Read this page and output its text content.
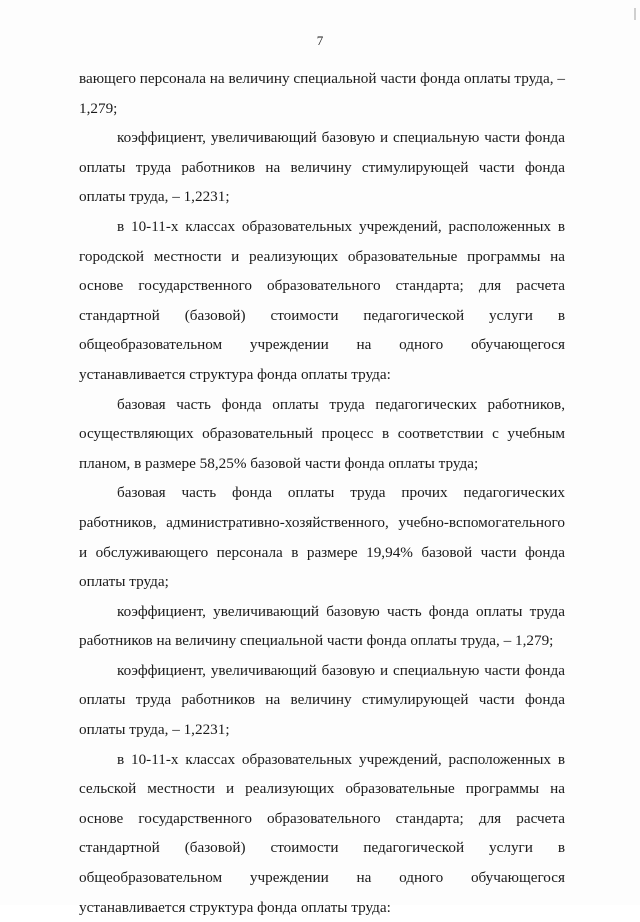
7

вающего персонала на величину специальной части фонда оплаты труда, – 1,279;

коэффициент, увеличивающий базовую и специальную части фонда оплаты труда работников на величину стимулирующей части фонда оплаты труда, – 1,2231;

в 10-11-х классах образовательных учреждений, расположенных в городской местности и реализующих образовательные программы на основе государственного образовательного стандарта; для расчета стандартной (базовой) стоимости педагогической услуги в общеобразовательном учреждении на одного обучающегося устанавливается структура фонда оплаты труда:

базовая часть фонда оплаты труда педагогических работников, осуществляющих образовательный процесс в соответствии с учебным планом, в размере 58,25% базовой части фонда оплаты труда;

базовая часть фонда оплаты труда прочих педагогических работников, административно-хозяйственного, учебно-вспомогательного и обслуживающего персонала в размере 19,94% базовой части фонда оплаты труда;

коэффициент, увеличивающий базовую часть фонда оплаты труда работников на величину специальной части фонда оплаты труда, – 1,279;

коэффициент, увеличивающий базовую и специальную части фонда оплаты труда работников на величину стимулирующей части фонда оплаты труда, – 1,2231;

в 10-11-х классах образовательных учреждений, расположенных в сельской местности и реализующих образовательные программы на основе государственного образовательного стандарта; для расчета стандартной (базовой) стоимости педагогической услуги в общеобразовательном учреждении на одного обучающегося устанавливается структура фонда оплаты труда:
